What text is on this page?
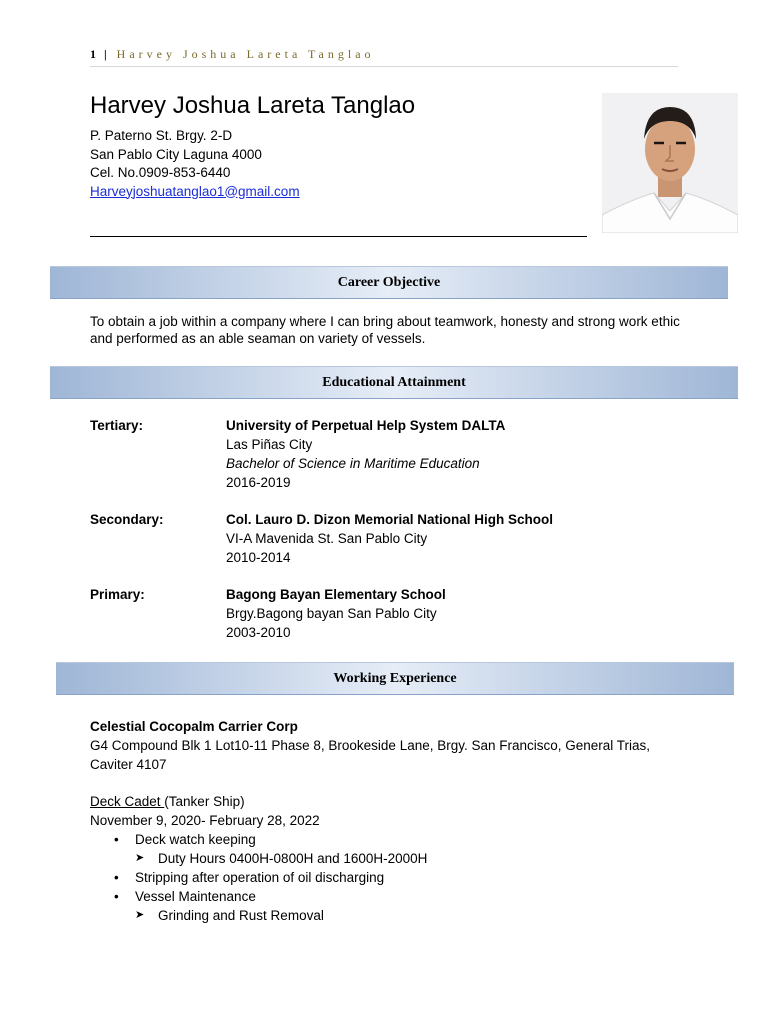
1 | Harvey Joshua Lareta Tanglao
Harvey Joshua Lareta Tanglao
P. Paterno St. Brgy. 2-D
San Pablo City Laguna 4000
Cel. No.0909-853-6440
Harveyjoshuatanglao1@gmail.com
Career Objective
To obtain a job within a company where I can bring about teamwork, honesty and strong work ethic and performed as an able seaman on variety of vessels.
Educational Attainment
Tertiary:	University of Perpetual Help System DALTA
Las Piñas City
Bachelor of Science in Maritime Education
2016-2019
Secondary:	Col. Lauro D. Dizon Memorial National High School
VI-A Mavenida St. San Pablo City
2010-2014
Primary:	Bagong Bayan Elementary School
Brgy.Bagong bayan San Pablo City
2003-2010
Working Experience
Celestial Cocopalm Carrier Corp
G4 Compound Blk 1 Lot10-11 Phase 8, Brookeside Lane, Brgy. San Francisco, General Trias,
Caviter 4107
Deck Cadet (Tanker Ship)
November 9, 2020- February 28, 2022
• Deck watch keeping
➤ Duty Hours 0400H-0800H and 1600H-2000H
• Stripping after operation of oil discharging
• Vessel Maintenance
➤ Grinding and Rust Removal
